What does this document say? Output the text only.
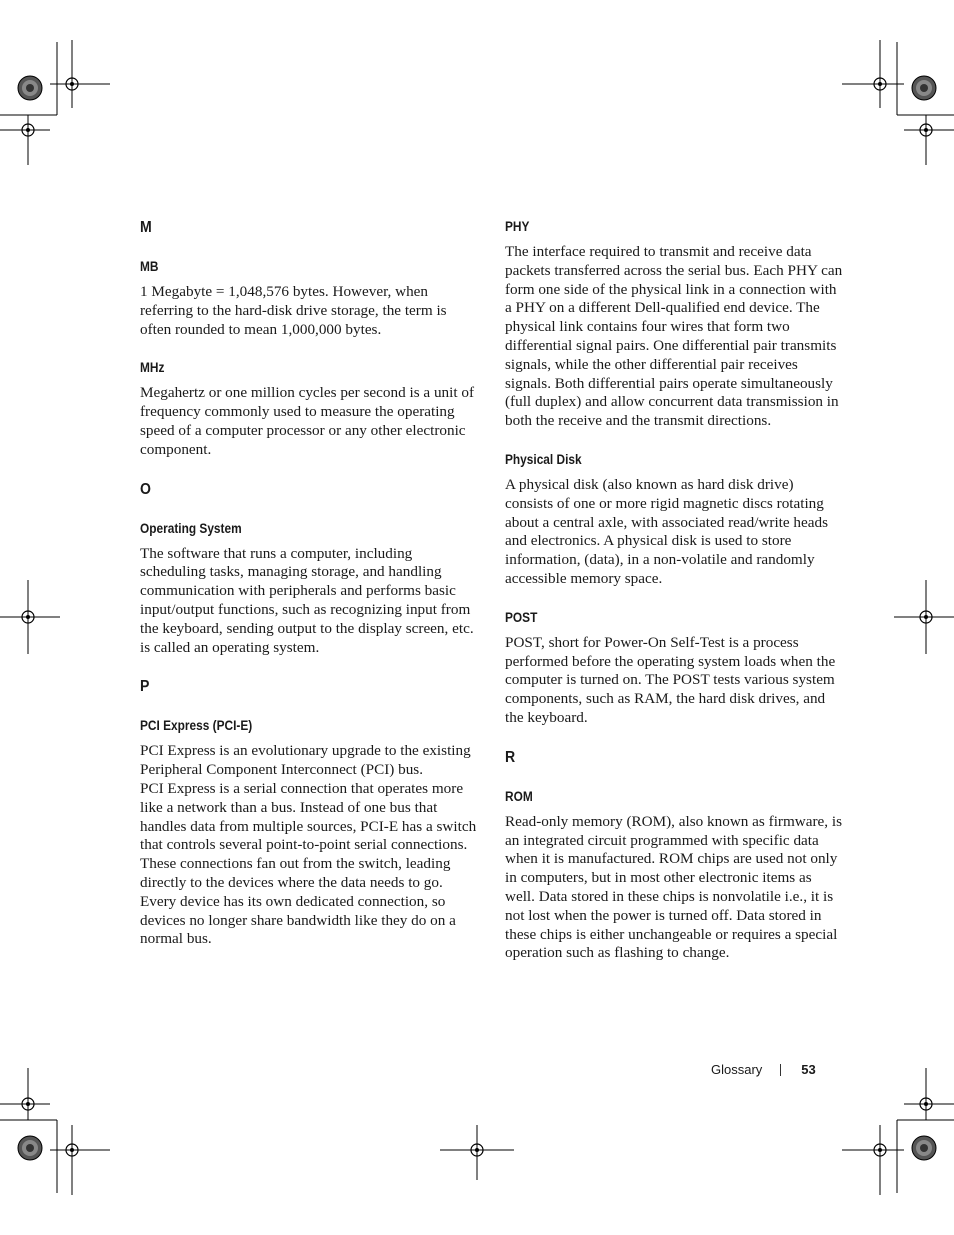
M
MB

1 Megabyte = 1,048,576 bytes. However, when referring to the hard-disk drive storage, the term is often rounded to mean 1,000,000 bytes.

MHz

Megahertz or one million cycles per second is a unit of frequency commonly used to measure the operating speed of a computer processor or any other electronic component.

O
Operating System

The software that runs a computer, including scheduling tasks, managing storage, and handling communication with peripherals and performs basic input/output functions, such as recognizing input from the keyboard, sending output to the display screen, etc. is called an operating system.

P
PCI Express (PCI-E)

PCI Express is an evolutionary upgrade to the existing Peripheral Component Interconnect (PCI) bus.

PCI Express is a serial connection that operates more like a network than a bus. Instead of one bus that handles data from multiple sources, PCI-E has a switch that controls several point-to-point serial connections. These connections fan out from the switch, leading directly to the devices where the data needs to go. Every device has its own dedicated connection, so devices no longer share bandwidth like they do on a normal bus.

PHY

The interface required to transmit and receive data packets transferred across the serial bus. Each PHY can form one side of the physical link in a connection with a PHY on a different Dell-qualified end device. The physical link contains four wires that form two differential signal pairs. One differential pair transmits signals, while the other differential pair receives signals. Both differential pairs operate simultaneously (full duplex) and allow concurrent data transmission in both the receive and the transmit directions.

Physical Disk

A physical disk (also known as hard disk drive) consists of one or more rigid magnetic discs rotating about a central axle, with associated read/write heads and electronics. A physical disk is used to store information, (data), in a non-volatile and randomly accessible memory space.

POST

POST, short for Power-On Self-Test is a process performed before the operating system loads when the computer is turned on. The POST tests various system components, such as RAM, the hard disk drives, and the keyboard.

R
ROM

Read-only memory (ROM), also known as firmware, is an integrated circuit programmed with specific data when it is manufactured. ROM chips are used not only in computers, but in most other electronic items as well. Data stored in these chips is nonvolatile i.e., it is not lost when the power is turned off. Data stored in these chips is either unchangeable or requires a special operation such as flashing to change.

Glossary	53
